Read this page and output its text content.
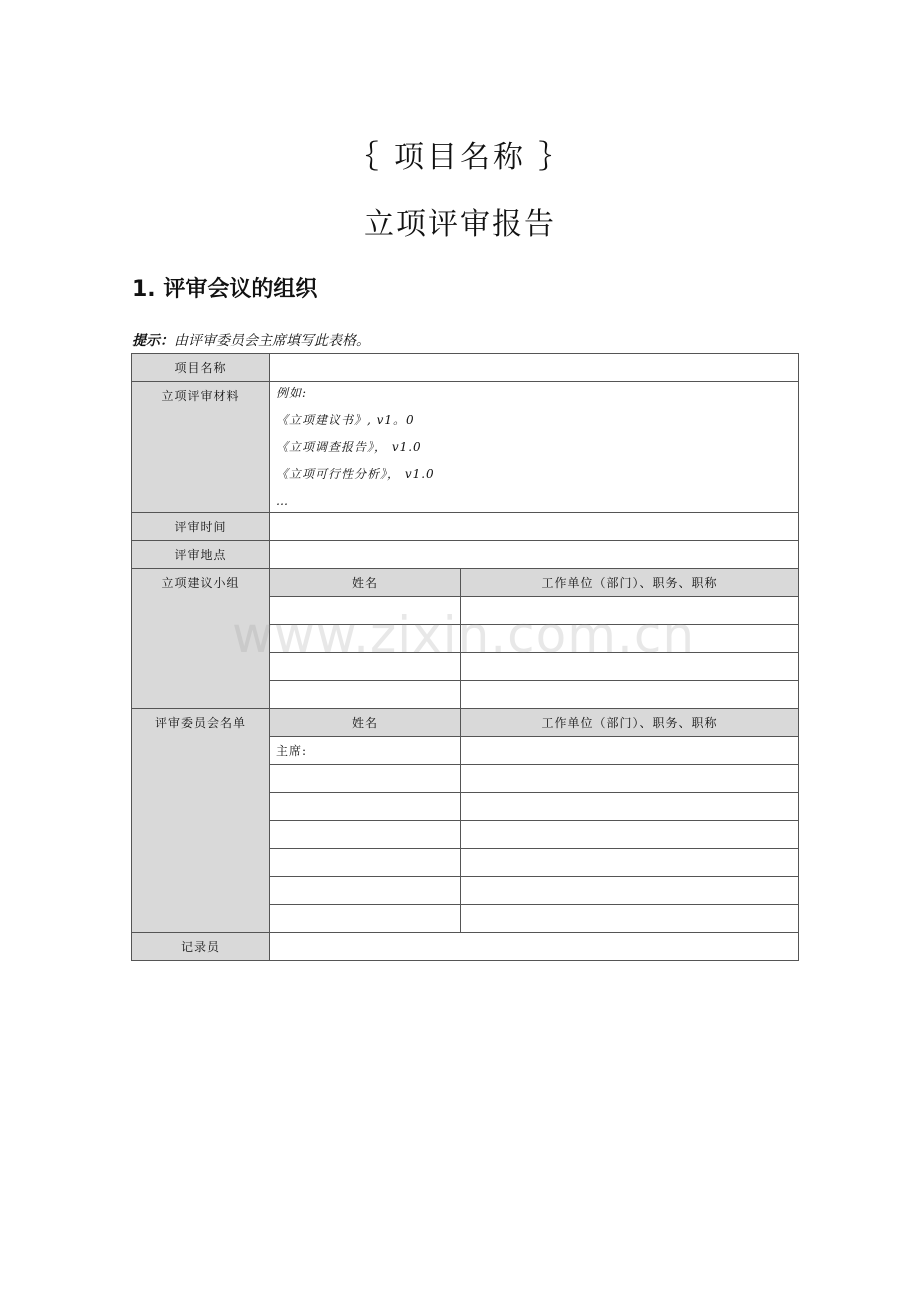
｛ 项目名称 ｝
立项评审报告
1. 评审会议的组织
提示：由评审委员会主席填写此表格。
项目名称		
立项评审材料	例如:
《立项建议书》, v1。0
《立项调查报告》， v1.0
《立项可行性分析》， v1.0
…	

评审时间		
评审地点		
立项建议小组	姓名	工作单位（部门）、职务、职称

评审委员会名单	姓名	工作单位（部门）、职务、职称
	主席:	

记录员		
www.zixin.com.cn
